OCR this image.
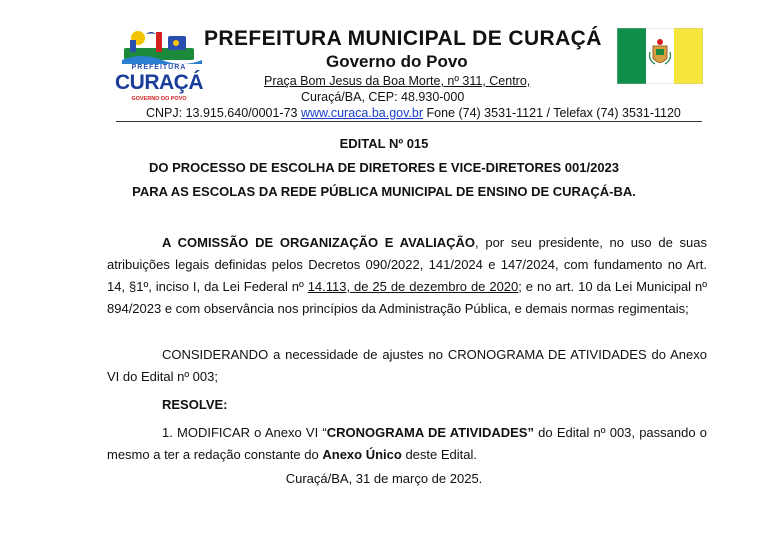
PREFEITURA
CURAÇÁ
GOVERNO DO POVO
PREFEITURA MUNICIPAL DE CURAÇÁ
Governo do Povo
Praça Bom Jesus da Boa Morte, nº 311, Centro,
Curaçá/BA, CEP: 48.930-000
CNPJ: 13.915.640/0001-73 www.curaca.ba.gov.br Fone (74) 3531-1121 / Telefax (74) 3531-1120
EDITAL Nº 015
DO PROCESSO DE ESCOLHA DE DIRETORES E VICE-DIRETORES 001/2023
PARA AS ESCOLAS DA REDE PÚBLICA MUNICIPAL DE ENSINO DE CURAÇÁ-BA.

A COMISSÃO DE ORGANIZAÇÃO E AVALIAÇÃO, por seu presidente, no uso de suas atribuições legais definidas pelos Decretos 090/2022, 141/2024 e 147/2024, com fundamento no Art. 14, §1º, inciso I, da Lei Federal nº 14.113, de 25 de dezembro de 2020; e no art. 10 da Lei Municipal nº 894/2023 e com observância nos princípios da Administração Pública, e demais normas regimentais;

CONSIDERANDO a necessidade de ajustes no CRONOGRAMA DE ATIVIDADES do Anexo VI do Edital nº 003;

RESOLVE:

1. MODIFICAR o Anexo VI “CRONOGRAMA DE ATIVIDADES” do Edital nº 003, passando o mesmo a ter a redação constante do Anexo Único deste Edital.

Curaçá/BA, 31 de março de 2025.
